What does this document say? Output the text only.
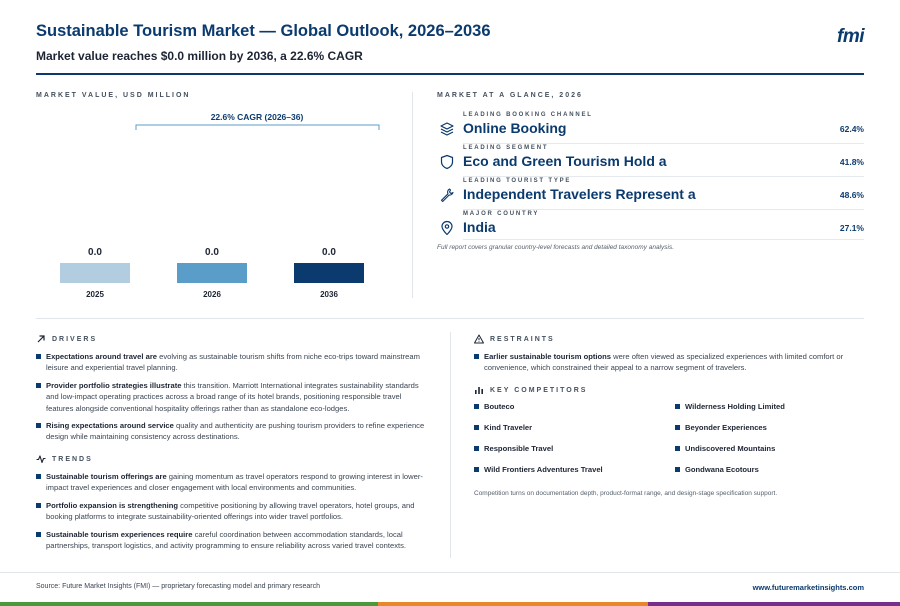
Sustainable Tourism Market — Global Outlook, 2026–2036
Market value reaches $0.0 million by 2036, a 22.6% CAGR
fmi
MARKET VALUE, USD MILLION
22.6% CAGR (2026–36)
0.0
2025
0.0
2026
0.0
2036
MARKET AT A GLANCE, 2026
LEADING BOOKING CHANNEL
Online Booking	62.4%
LEADING SEGMENT
Eco and Green Tourism Hold a	41.8%
LEADING TOURIST TYPE
Independent Travelers Represent a	48.6%
MAJOR COUNTRY
India	27.1%
Full report covers granular country-level forecasts and detailed taxonomy analysis.
DRIVERS
Expectations around travel are evolving as sustainable tourism shifts from niche eco-trips toward mainstream leisure and experiential travel planning.
Provider portfolio strategies illustrate this transition. Marriott International integrates sustainability standards and low-impact operating practices across a broad range of its hotel brands, positioning responsible travel features alongside conventional hospitality offerings rather than as standalone eco-lodges.
Rising expectations around service quality and authenticity are pushing tourism providers to refine experience design while maintaining consistency across destinations.
TRENDS
Sustainable tourism offerings are gaining momentum as travel operators respond to growing interest in lower-impact travel experiences and closer engagement with local environments and communities.
Portfolio expansion is strengthening competitive positioning by allowing travel operators, hotel groups, and booking platforms to integrate sustainability-oriented offerings into wider travel portfolios.
Sustainable tourism experiences require careful coordination between accommodation standards, local partnerships, transport logistics, and activity programming to ensure reliability across varied travel contexts.
RESTRAINTS
Earlier sustainable tourism options were often viewed as specialized experiences with limited comfort or convenience, which constrained their appeal to a narrow segment of travelers.
KEY COMPETITORS
Bouteco	Wilderness Holding Limited
Kind Traveler	Beyonder Experiences
Responsible Travel	Undiscovered Mountains
Wild Frontiers Adventures Travel	Gondwana Ecotours
Competition turns on documentation depth, product-format range, and design-stage specification support.
Source: Future Market Insights (FMI) — proprietary forecasting model and primary research	www.futuremarketinsights.com
